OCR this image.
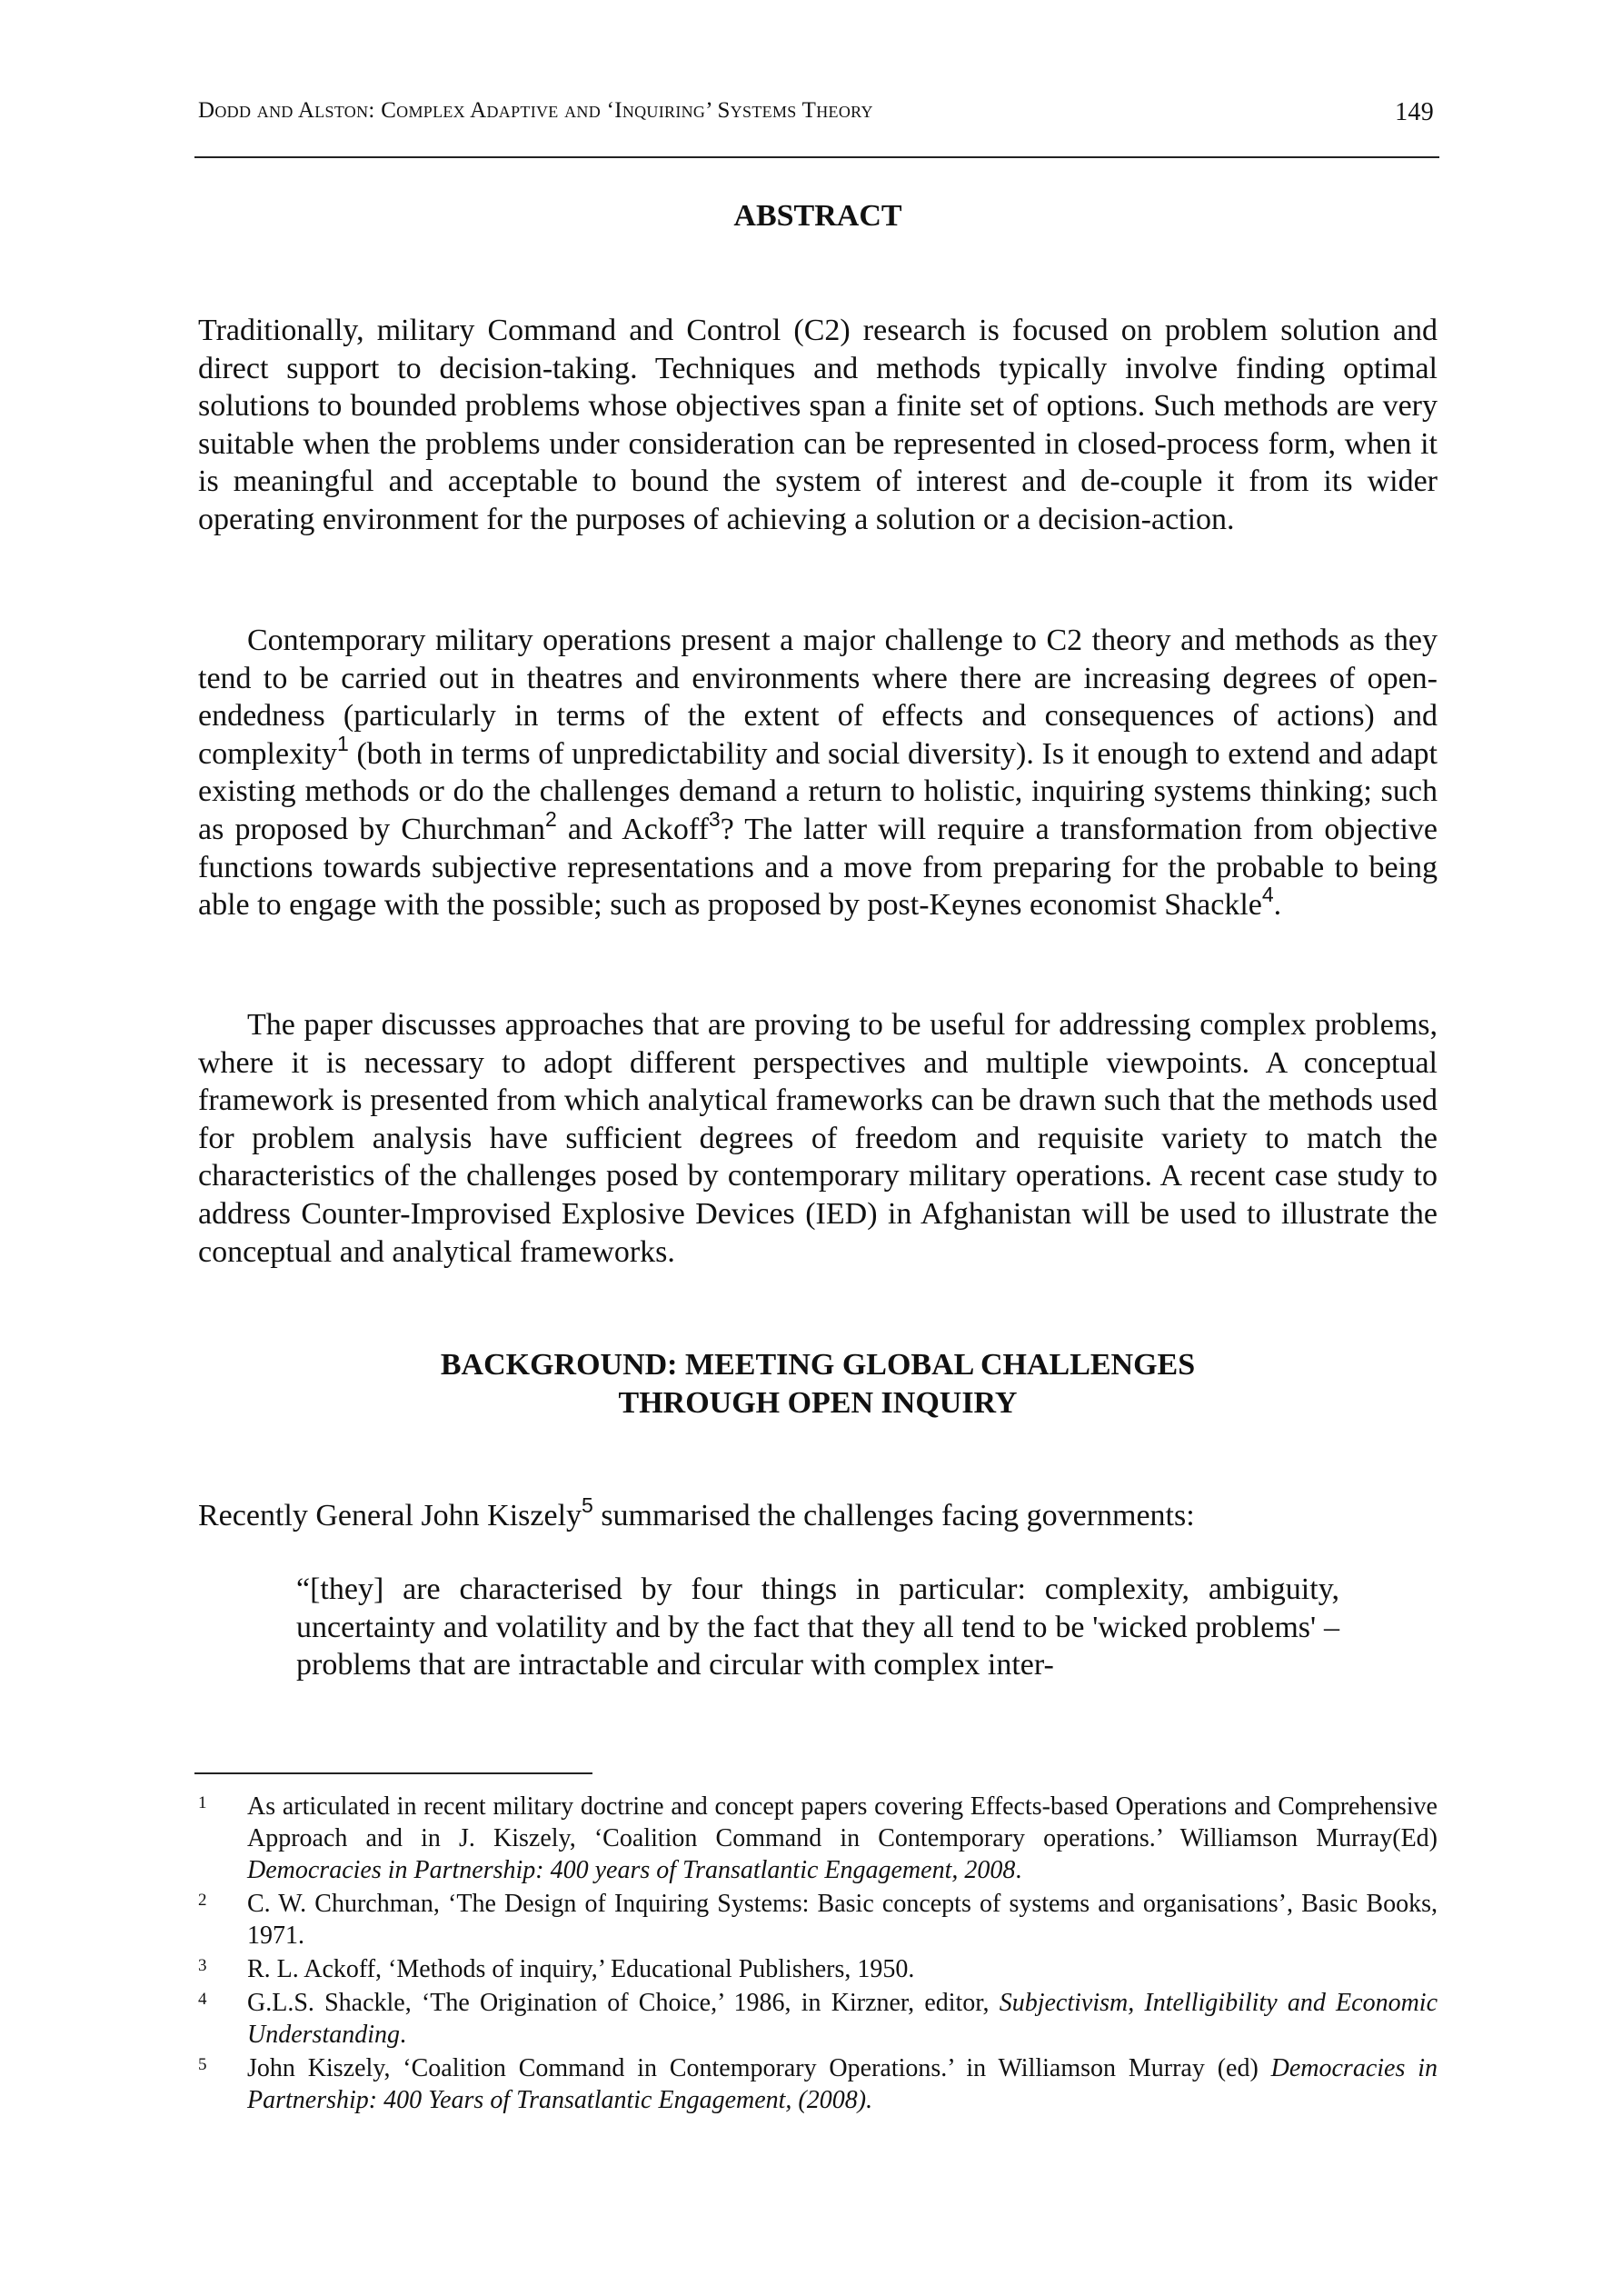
Dodd and Alston: Complex Adaptive and ‘Inquiring’ Systems Theory	149
ABSTRACT

Traditionally, military Command and Control (C2) research is focused on problem solution and direct support to decision-taking. Techniques and methods typically involve finding optimal solutions to bounded problems whose objectives span a finite set of options. Such methods are very suitable when the problems under consideration can be represented in closed-process form, when it is meaningful and acceptable to bound the system of interest and de-couple it from its wider operating environment for the purposes of achieving a solution or a decision-action.

Contemporary military operations present a major challenge to C2 theory and methods as they tend to be carried out in theatres and environments where there are increasing degrees of open-endedness (particularly in terms of the extent of effects and consequences of actions) and complexity$^1$ (both in terms of unpredictability and social diversity). Is it enough to extend and adapt existing methods or do the challenges demand a return to holistic, inquiring systems thinking; such as proposed by Churchman$^2$ and Ackoff$^3$? The latter will require a transformation from objective functions towards subjective representations and a move from preparing for the probable to being able to engage with the possible; such as proposed by post-Keynes economist Shackle$^4$.

The paper discusses approaches that are proving to be useful for addressing complex problems, where it is necessary to adopt different perspectives and multiple viewpoints. A conceptual framework is presented from which analytical frameworks can be drawn such that the methods used for problem analysis have sufficient degrees of freedom and requisite variety to match the characteristics of the challenges posed by contemporary military operations. A recent case study to address Counter-Improvised Explosive Devices (IED) in Afghanistan will be used to illustrate the conceptual and analytical frameworks.

BACKGROUND: MEETING GLOBAL CHALLENGES
THROUGH OPEN INQUIRY

Recently General John Kiszely$^5$ summarised the challenges facing governments:

“[they] are characterised by four things in particular: complexity, ambiguity, uncertainty and volatility and by the fact that they all tend to be 'wicked problems' – problems that are intractable and circular with complex inter-

1 As articulated in recent military doctrine and concept papers covering Effects-based Operations and Comprehensive Approach and in J. Kiszely, ‘Coalition Command in Contemporary operations.’ Williamson Murray(Ed) Democracies in Partnership: 400 years of Transatlantic Engagement, 2008.
2 C. W. Churchman, ‘The Design of Inquiring Systems: Basic concepts of systems and organisations’, Basic Books, 1971.
3 R. L. Ackoff, ‘Methods of inquiry,’ Educational Publishers, 1950.
4 G.L.S. Shackle, ‘The Origination of Choice,’ 1986, in Kirzner, editor, Subjectivism, Intelligibility and Economic Understanding.
5 John Kiszely, ‘Coalition Command in Contemporary Operations.’ in Williamson Murray (ed) Democracies in Partnership: 400 Years of Transatlantic Engagement, (2008).
